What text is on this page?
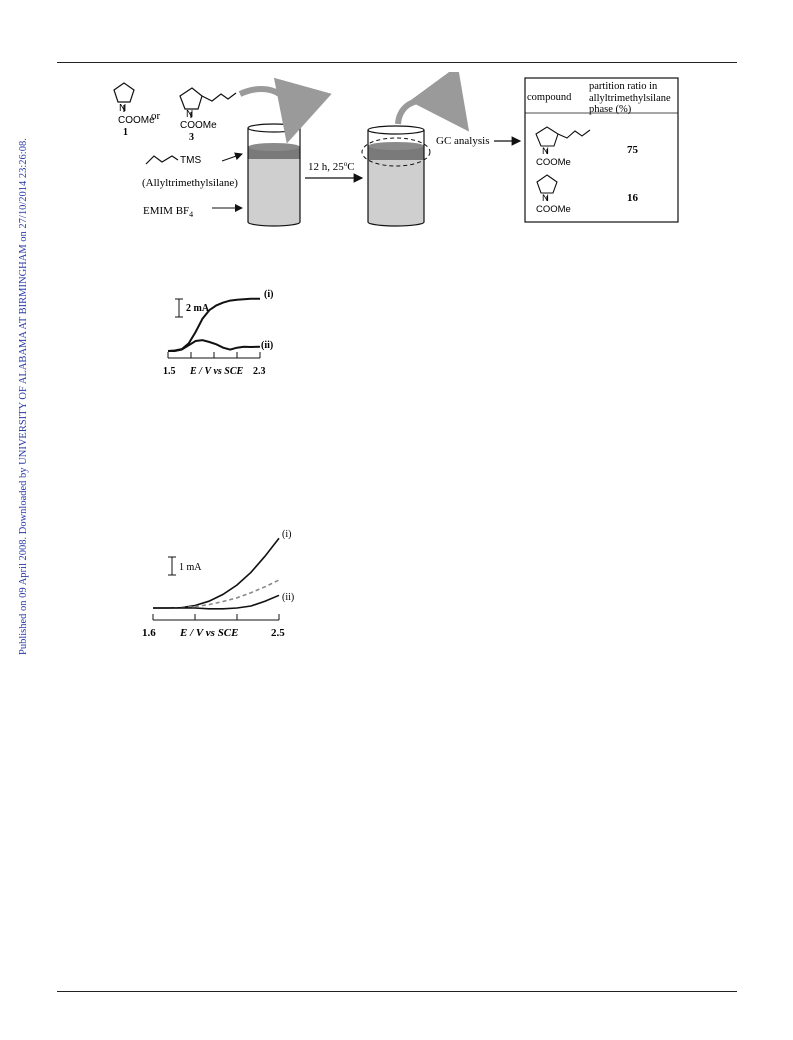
Published on 09 April 2008. Downloaded by UNIVERSITY OF ALABAMA AT BIRMINGHAM on 27/10/2014 23:26:08.
N
COOMe
1
or	N
COOMe
3
TMS
(Allyltrimethylsilane)
EMIM $BF_4$
12 h, 25$^o$C
GC analysis
compound
partition ratio in
allyltrimethylsilane
phase (%)
N
COOMe
75
N
COOMe
16
1.5 E / V vs SCE 2.3
2 mA
(i)
(ii)
1.6 E / V vs SCE	2.5
1 mA
(i)
(ii)
